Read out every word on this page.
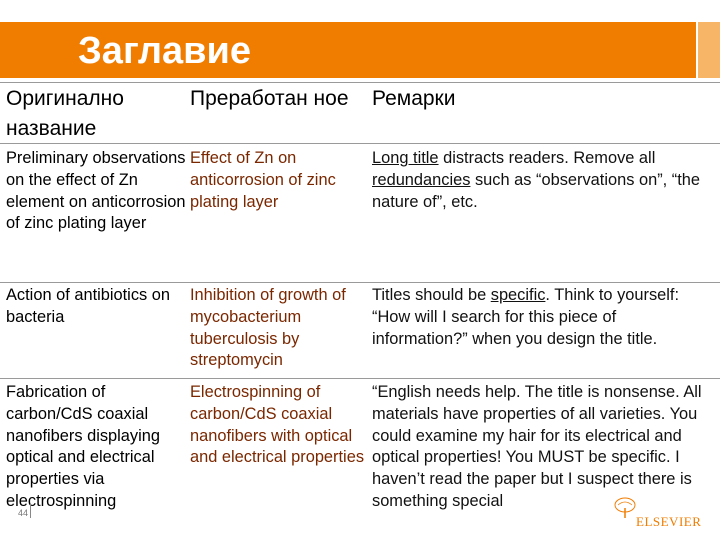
Заглавие
Оригинално название
Преработан ное	Ремарки
Preliminary observations on the effect of Zn element on anticorrosion of zinc plating layer
Effect of Zn on anticorrosion of zinc plating layer
Long title distracts readers. Remove all redundancies such as “observations on”, “the nature of”, etc.
Action of antibiotics on bacteria
Inhibition of growth of mycobacterium tuberculosis by streptomycin
Titles should be specific. Think to yourself: “How will I search for this piece of information?” when you design the title.
Fabrication of carbon/CdS coaxial nanofibers displaying optical and electrical properties via electrospinning
Electrospinning of carbon/CdS coaxial nanofibers with optical and electrical properties
“English needs help. The title is nonsense. All materials have properties of all varieties. You could examine my hair for its electrical and optical properties! You MUST be specific. I haven’t read the paper but I suspect there is something special
44
ELSEVIER
